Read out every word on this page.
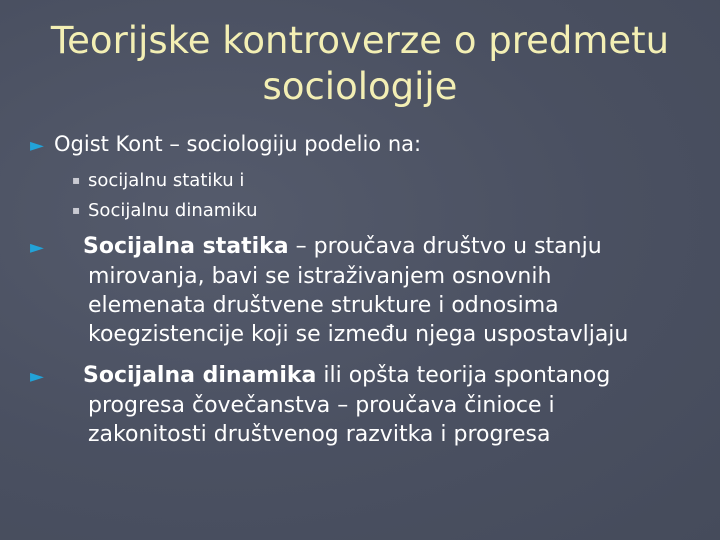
Teorijske kontroverze o predmetu sociologije
► Ogist Kont – sociologiju podelio na:
▪ socijalnu statiku i
▪ Socijalnu dinamiku
► Socijalna statika – proučava društvo u stanju mirovanja, bavi se istraživanjem osnovnih elemenata društvene strukture i odnosima koegzistencije koji se između njega uspostavljaju
► Socijalna dinamika ili opšta teorija spontanog progresa čovečanstva – proučava činioce i zakonitosti društvenog razvitka i progresa
